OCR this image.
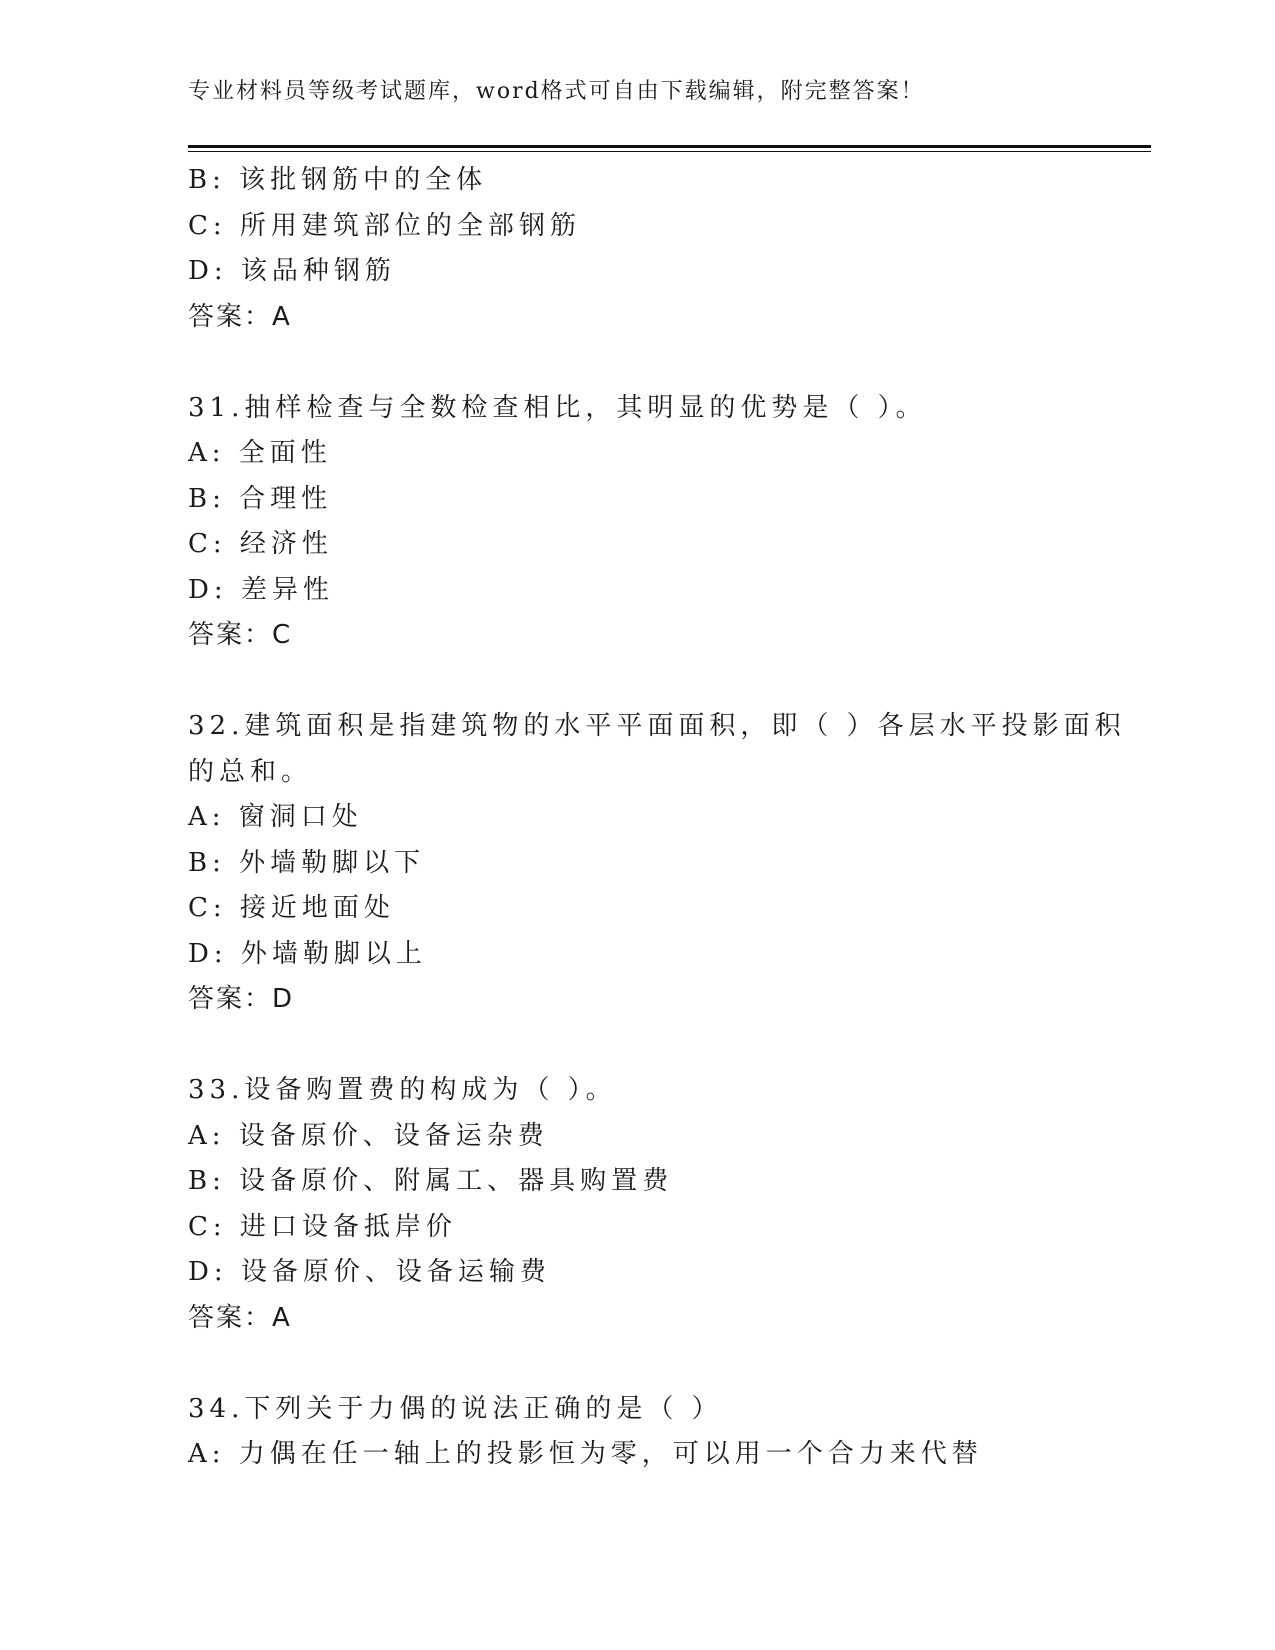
专业材料员等级考试题库，word格式可自由下载编辑，附完整答案！
B: 该批钢筋中的全体
C: 所用建筑部位的全部钢筋
D: 该品种钢筋
答案：A
31.抽样检查与全数检查相比，其明显的优势是（ ）。
A: 全面性
B: 合理性
C: 经济性
D: 差异性
答案：C
32.建筑面积是指建筑物的水平平面面积，即（ ）各层水平投影面积
的总和。
A: 窗洞口处
B: 外墙勒脚以下
C: 接近地面处
D: 外墙勒脚以上
答案：D
33.设备购置费的构成为（ ）。
A: 设备原价、设备运杂费
B: 设备原价、附属工、器具购置费
C: 进口设备抵岸价
D: 设备原价、设备运输费
答案：A
34.下列关于力偶的说法正确的是（ ）
A: 力偶在任一轴上的投影恒为零，可以用一个合力来代替
